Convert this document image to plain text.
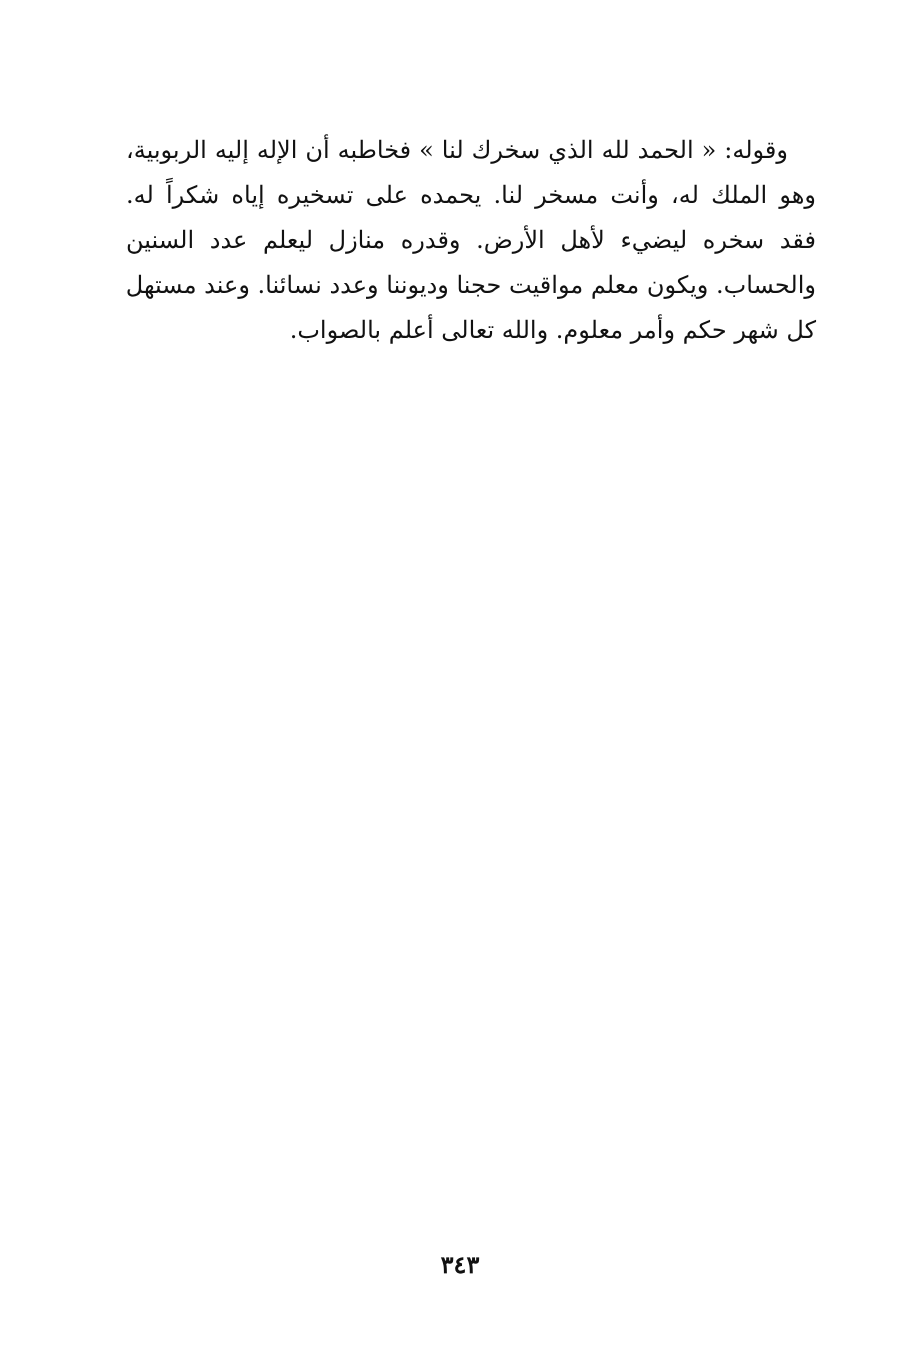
وقوله: « الحمد لله الذي سخرك لنا » فخاطبه أن الإله إليه الربوبية،
وهو الملك له، وأنت مسخر لنا. يحمده على تسخيره إياه شكراً له.
فقد سخره ليضيء لأهل الأرض. وقدره منازل ليعلم عدد السنين
والحساب. ويكون معلم مواقيت حجنا وديوننا وعدد نسائنا. وعند مستهل
كل شهر حكم وأمر معلوم. والله تعالى أعلم بالصواب.
٣٤٣
